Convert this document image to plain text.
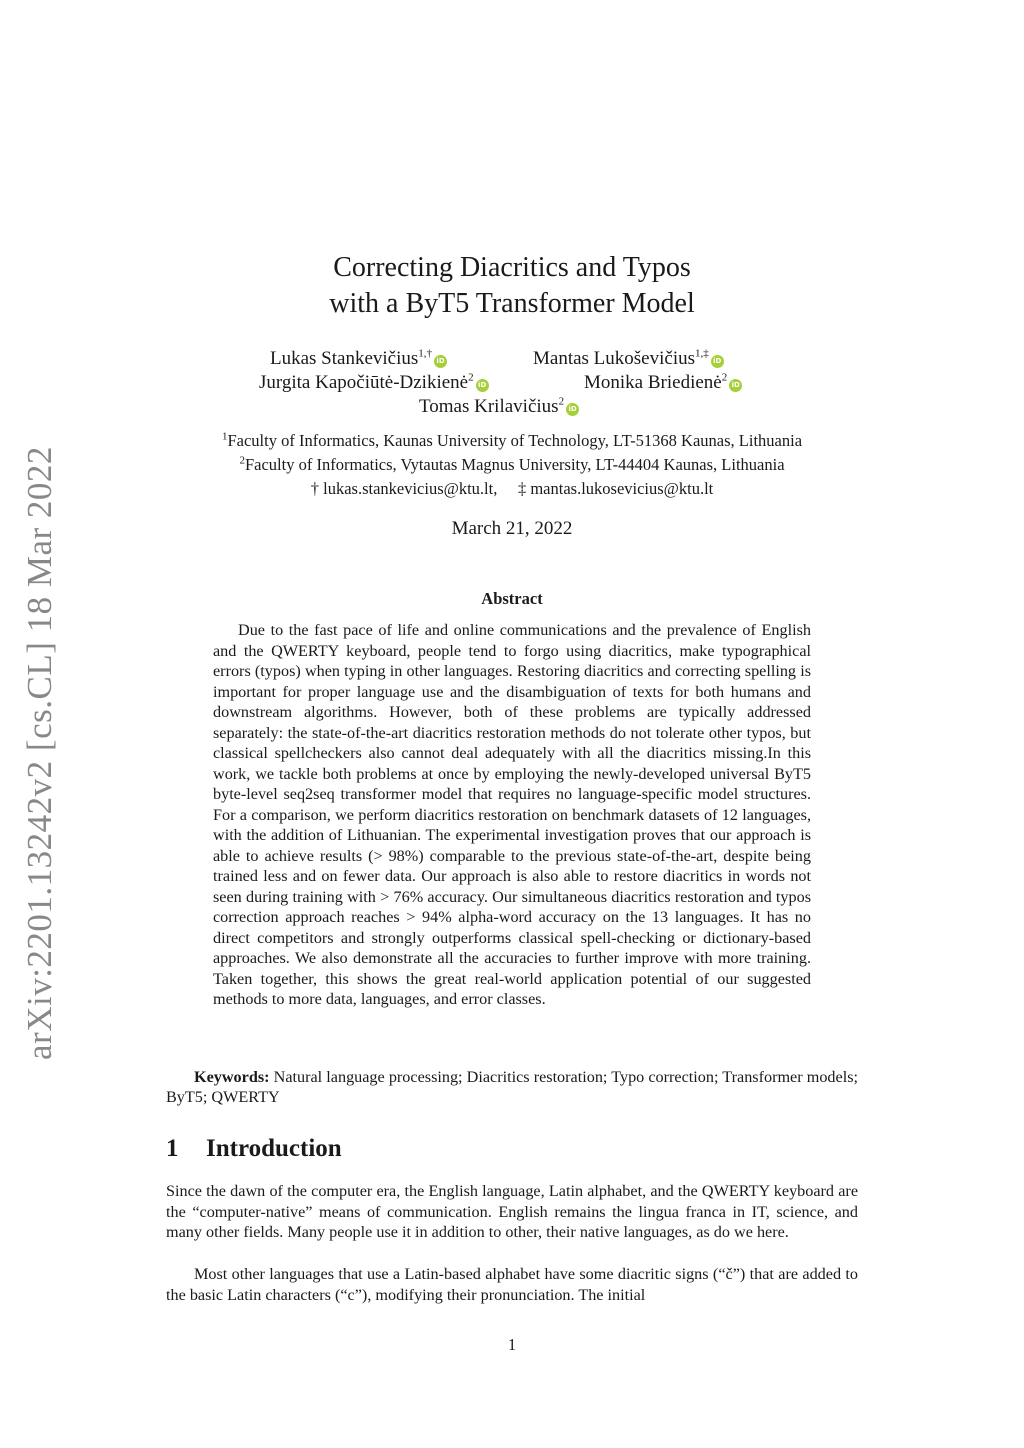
arXiv:2201.13242v2 [cs.CL] 18 Mar 2022
Correcting Diacritics and Typos
with a ByT5 Transformer Model
Lukas Stankevičius$^{1,\dagger}$iD	Mantas Lukoševičius$^{1,\ddagger}$iD
Jurgita Kapočiūtė-Dzikienė$^2$iD	Monika Briedienė$^2$iD
Tomas Krilavičius$^2$iD
$^1$Faculty of Informatics, Kaunas University of Technology, LT-51368 Kaunas, Lithuania
$^2$Faculty of Informatics, Vytautas Magnus University, LT-44404 Kaunas, Lithuania
† lukas.stankevicius@ktu.lt, ‡ mantas.lukosevicius@ktu.lt
March 21, 2022
Abstract
Due to the fast pace of life and online communications and the prevalence of English and the QWERTY keyboard, people tend to forgo using diacritics, make typographical errors (typos) when typing in other languages. Restoring diacritics and correcting spelling is important for proper language use and the disambiguation of texts for both humans and downstream algorithms. However, both of these problems are typically addressed separately: the state-of-the-art diacritics restoration methods do not tolerate other typos, but classical spellcheckers also cannot deal adequately with all the diacritics missing.In this work, we tackle both problems at once by employing the newly-developed universal ByT5 byte-level seq2seq transformer model that requires no language-specific model structures. For a comparison, we perform diacritics restoration on benchmark datasets of 12 languages, with the addition of Lithuanian. The experimental investigation proves that our approach is able to achieve results (> 98%) comparable to the previous state-of-the-art, despite being trained less and on fewer data. Our approach is also able to restore diacritics in words not seen during training with > 76% accuracy. Our simultaneous diacritics restoration and typos correction approach reaches > 94% alpha-word accuracy on the 13 languages. It has no direct competitors and strongly outperforms classical spell-checking or dictionary-based approaches. We also demonstrate all the accuracies to further improve with more training. Taken together, this shows the great real-world application potential of our suggested methods to more data, languages, and error classes.
Keywords: Natural language processing; Diacritics restoration; Typo correction; Transformer models; ByT5; QWERTY
1 Introduction
Since the dawn of the computer era, the English language, Latin alphabet, and the QWERTY keyboard are the “computer-native” means of communication. English remains the lingua franca in IT, science, and many other fields. Many people use it in addition to other, their native languages, as do we here.
Most other languages that use a Latin-based alphabet have some diacritic signs (“č”) that are added to the basic Latin characters (“c”), modifying their pronunciation. The initial
1
